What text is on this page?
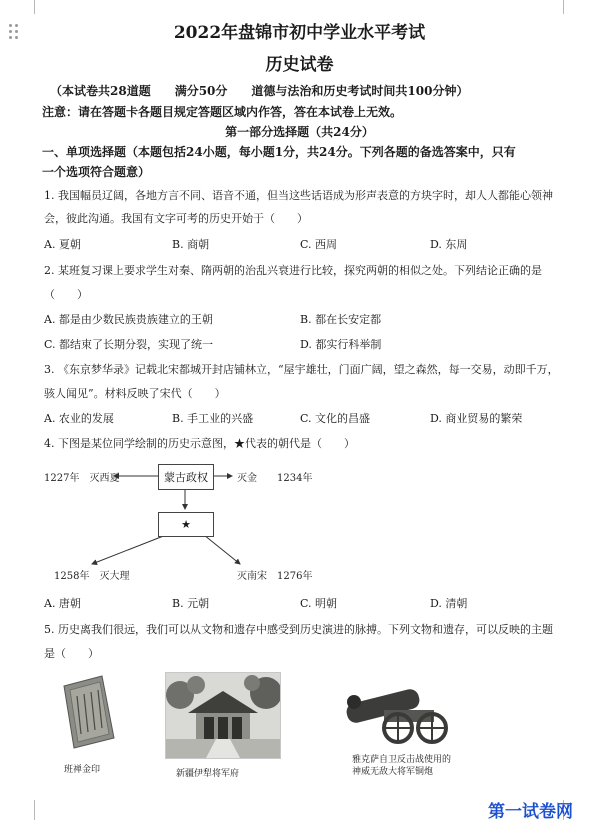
2022年盘锦市初中学业水平考试
历史试卷
（本试卷共28道题　　满分50分　　道德与法治和历史考试时间共100分钟）
注意：请在答题卡各题目规定答题区域内作答，答在本试卷上无效。
第一部分选择题（共24分）
一、单项选择题（本题包括24小题，每小题1分，共24分。下列各题的备选答案中，只有
一个选项符合题意）
1. 我国幅员辽阔，各地方言不同、语音不通，但当这些话语成为形声表意的方块字时，却人人都能心领神
会，彼此沟通。我国有文字可考的历史开始于（　　）
A. 夏朝	B. 商朝	C. 西周	D. 东周
2. 某班复习课上要求学生对秦、隋两朝的治乱兴衰进行比较，探究两朝的相似之处。下列结论正确的是
（　　）
A. 都是由少数民族贵族建立的王朝	B. 都在长安定都
C. 都结束了长期分裂，实现了统一	D. 都实行科举制
3. 《东京梦华录》记载北宋都城开封店铺林立，“屋宇雄壮，门面广阔，望之森然，每一交易，动即千万，
骇人闻见”。材料反映了宋代（　　）
A. 农业的发展	B. 手工业的兴盛	C. 文化的昌盛	D. 商业贸易的繁荣
4. 下图是某位同学绘制的历史示意图，★代表的朝代是（　　）
蒙古政权
★
1227年　灭西夏	灭金　　1234年
1258年　灭大理	灭南宋　1276年
A. 唐朝	B. 元朝	C. 明朝	D. 清朝
5. 历史离我们很远，我们可以从文物和遗存中感受到历史演进的脉搏。下列文物和遗存，可以反映的主题
是（　　）
班禅金印	新疆伊犁将军府
雅克萨自卫反击战使用的
神威无敌大将军铜炮
第一试卷网
